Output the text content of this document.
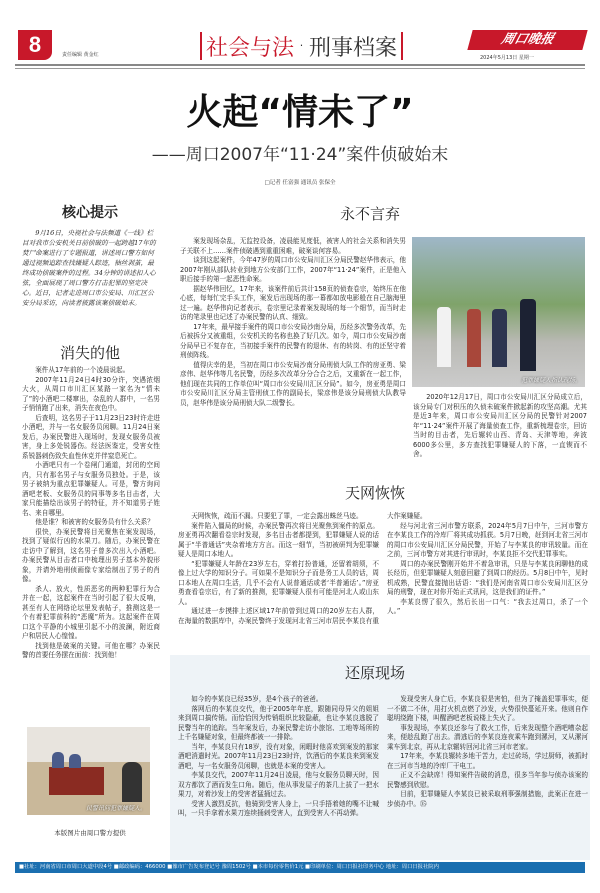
8	责任编辑 黄金红	社会与法 · 刑事档案	周口晚报
2024年5月13日 星期一
火起“情未了”
——周口2007年“11·24”案件侦破始末
□记者 任富强 通讯员 张保全
核心提示

9月16日，央视社会与法频道《一线》栏目对我市公安机关日前侦破的一起跨越17年的焚尸命案进行了专题报道，讲述周口警方如何通过视频追踪查找嫌疑人踪迹，抽丝剥茧，最终成功侦破案件的过程。34分钟的讲述扣人心弦，全面展现了周口警方打击犯罪的坚定决心。近日，记者走进周口市公安局、川汇区公安分局采访，向读者披露该案侦破始末。

消失的他

案件从17年前的一个凌晨说起。

2007年11月24日4时30分许，突遇浓烟大火，从周口市川汇区某路一家名为“情未了”的小酒吧二楼窜出，杂乱的人群中，一名男子悄悄跑了出来，消失在夜色中。

后查明，这名男子于11月23日23时许走进小酒吧，并与一名女服务员闲聊。11月24日案发后，办案民警进入现场时，发现女服务员被害，身上多处锐器伤。经法医鉴定，受害女性系锐器刺伤致失血性休克并伴窒息死亡。

小酒吧只有一个卷闸门通道，封闭的空间内，只有那名男子与女服务员独处。于是，该男子被纳为重点犯罪嫌疑人。可是，警方询问酒吧老板、女服务员的同事等多名目击者，大家只能描绘出该男子的特征，并不知道男子姓名、来自哪里。

他是谁？和被害的女服务员有什么关系？

很快，办案民警将目光聚焦在案发现场，找到了疑似行凶的水果刀。随后，办案民警在走访中了解到，这名男子曾多次出入小酒吧。办案民警从目击者口中梳理出男子基本外貌形象，并请外地刑侦画像专家绘制出了男子的肖像。

杀人、放火，性质恶劣的两种犯罪行为合并在一起，这起案件在当时引起了很大反响，甚至有人在网络论坛里发表帖子，推测这是一个有着犯罪前科的“恶魔”所为。这起案件在周口这个平静的小城里引起不小的波澜，附近商户和居民人心惶惶。

找到他是破案的关键。可他在哪？办案民警的首要任务摆在面前：找到他！

民警讯问犯罪嫌疑人。
本版图片由周口警方提供
永不言弃

案发现场杂乱，无监控设备，凌晨能见度低，被害人的社会关系和消失男子关联不上……案件侦破遇到重重困难，破案谈何容易。

谈到这起案件，今年47岁的周口市公安局川汇区分局民警赵华伟表示，他2007年刚从部队转业到地方公安部门工作，2007年“11·24”案件，正是他入职后接手的第一起恶性命案。

据赵华伟回忆，17年来，该案件前后共计158页的侦查卷宗，始终压在他心底，每每忙完手头工作，案发后出现场的那一幕都如放电影般在自己脑海里过一遍。赵华伟向记者表示，卷宗里记录着案发现场的每一个细节，而当时走访的笔录里也记述了办案民警的认真、细致。

17年来，最早接手案件的周口市公安局沙南分局，历经多次警务改革，先后被拆分又被重组，公安机关的名称也换了好几次。如今，周口市公安局沙南分局早已不复存在，当初接手案件的民警有的退休、有的转岗、有的还坚守着刑侦阵线。

值得庆幸的是，当初在周口市公安局沙南分局刑侦大队工作的房亚勇、梁彦伟、赵华伟等几名民警，历经多次改革分分合合之后，又重新在一起工作，他们现在共同的工作单位叫“周口市公安局川汇区分局”。如今，房亚勇是周口市公安局川汇区分局主管刑侦工作的副局长，梁彦伟是该分局刑侦大队教导员，赵华伟是该分局刑侦大队二级警长。

犯罪嫌疑人指认现场。

2020年12月17日，周口市公安局川汇区分局成立后，该分局专门对积压的久侦未破案件掀起新的攻坚高潮。尤其是近3年来，周口市公安局川汇区分局的民警针对2007年“11·24”案件开展了海量侦查工作，重新梳理卷宗，回访当时的目击者，先后辗转山西、青岛、天津等地，奔波6000多公里，多方查找犯罪嫌疑人的下落，一直锲而不舍。

天网恢恢

天网恢恢，疏而不漏。只要犯了罪，一定会露出蛛丝马迹。

案件陷入僵局的时候，办案民警再次将目光聚焦到案件的原点。房亚勇再次翻看卷宗时发现，多名目击者都提到，犯罪嫌疑人说的话属于“半普通话”夹杂着地方方言。而这一细节，当初被研判为犯罪嫌疑人是周口本地人。

“犯罪嫌疑人年龄在23岁左右，穿着打扮普通，还留着胡须，不像上过大学的知识分子。可如果不是知识分子而是务工人员的话，周口本地人在周口生活，几乎不会有人说普通话或者‘半普通话’。”房亚勇查看卷宗后，有了新的推测，犯罪嫌疑人很有可能是河北人或山东人。

通过进一步摸排上述区域17年前曾到过周口的20岁左右人群，在海量的数据库中，办案民警终于发现河北省三河市居民李某良有重大作案嫌疑。

经与河北省三河市警方联系，2024年5月7日中午，三河市警方在李某良工作的冷库厂将其成功抓获。5月7日晚，赶到河北省三河市的周口市公安局川汇区分局民警，开始了与李某良的审讯较量。而在之前，三河市警方对其进行审讯时，李某良拒不交代犯罪事实。

周口的办案民警刚开始并不着急审讯，只是与李某良闲聊他的成长经历，但犯罪嫌疑人刻意回避了到周口的经历。5月8日中午，见时机成熟，民警直接抛出话语：“我们是河南省周口市公安局川汇区分局的刑警，现在对你开始正式讯问，这是我们的证件。”

李某良愣了很久，然后长出一口气：“我去过周口，杀了一个人。”

还原现场

如今的李某良已经35岁，是4个孩子的爸爸。

落网后的李某良交代，他于2005年年底，跟随同母异父的姐姐来到周口搞传销。而恰恰因为传销组织比较隐蔽，也让李某良逃脱了民警当年的追踪。当年案发后，办案民警走访小旅馆、工地等场所的上千名嫌疑对象，但最终都被一一排除。

当年，李某良只有18岁，没有对象，闲暇时他喜欢到案发的那家酒吧消遣时光。2007年11月23日23时许，饮酒后的李某良来到案发酒吧，与一名女服务员闲聊，也就是本案的受害人。

李某良交代，2007年11月24日凌晨，他与女服务员聊天时，因双方都饮了酒而发生口角。随后，他从事发屋子的茶几上拔了一把水果刀，对着沙发上的受害者猛捅过去。

受害人激烈反抗，他骑到受害人身上，一只手捂着她的嘴不让喊叫，一只手拿着水果刀连续捅刺受害人，直到受害人不再动弹。

发现受害人身亡后，李某良很是害怕，但为了掩盖犯罪事实，便一不做二不休，用打火机点燃了沙发，火势很快蔓延开来。他则自作聪明绕跑下楼，叫醒酒吧老板说楼上失火了。

事发现场，李某良还参与了救火工作，后来发现整个酒吧嘈杂起来，便趁乱跑了出去。潜逃后的李某良连夜乘车跑到漯河，又从漯河乘车到北京，再从北京辗转回河北省三河市老家。

17年来，李某良辗转多地干苦力，走过砖场，学过厨师，被抓时在三河市当地的冷库厂干电工。

正义不会缺席！得知案件告破的消息，很多当年参与侦办该案的民警感到欣慰。

目前，犯罪嫌疑人李某良已被采取刑事强制措施，此案正在进一步侦办中。㉟

■社址：河南省周口市周口大道中段4号 ■邮政编码：466000 ■豫市广告发布登记号 豫周1502号 ■本市每份零售价1元 ■印刷单位：周口日报社印务中心 地址：周口日报社院内
